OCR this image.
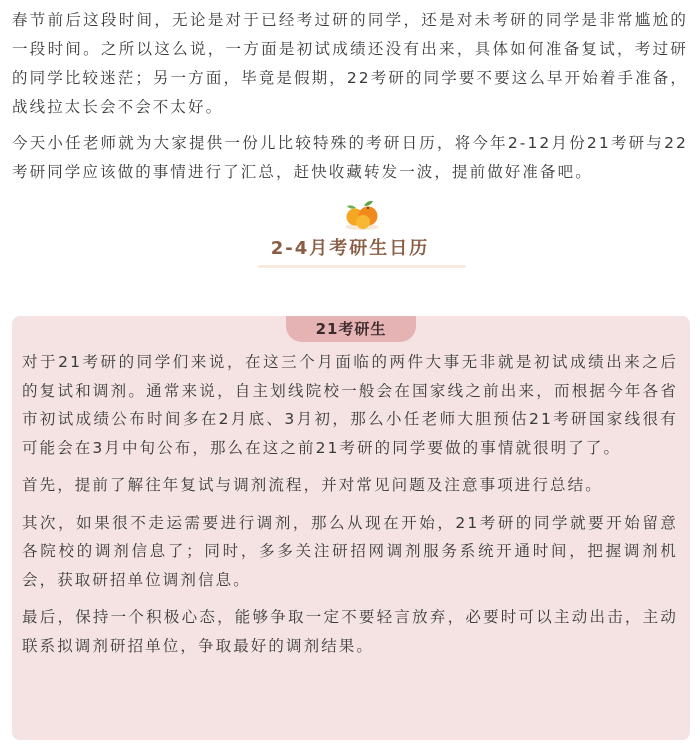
春节前后这段时间，无论是对于已经考过研的同学，还是对未考研的同学是非常尴尬的一段时间。之所以这么说，一方面是初试成绩还没有出来，具体如何准备复试，考过研的同学比较迷茫；另一方面，毕竟是假期，22考研的同学要不要这么早开始着手准备，战线拉太长会不会不太好。

今天小任老师就为大家提供一份儿比较特殊的考研日历，将今年2-12月份21考研与22考研同学应该做的事情进行了汇总，赶快收藏转发一波，提前做好准备吧。

2-4月考研生日历
21考研生

对于21考研的同学们来说，在这三个月面临的两件大事无非就是初试成绩出来之后的复试和调剂。通常来说，自主划线院校一般会在国家线之前出来，而根据今年各省市初试成绩公布时间多在2月底、3月初，那么小任老师大胆预估21考研国家线很有可能会在3月中旬公布，那么在这之前21考研的同学要做的事情就很明了了。

首先，提前了解往年复试与调剂流程，并对常见问题及注意事项进行总结。

其次，如果很不走运需要进行调剂，那么从现在开始，21考研的同学就要开始留意各院校的调剂信息了；同时，多多关注研招网调剂服务系统开通时间，把握调剂机会，获取研招单位调剂信息。

最后，保持一个积极心态，能够争取一定不要轻言放弃，必要时可以主动出击，主动联系拟调剂研招单位，争取最好的调剂结果。
